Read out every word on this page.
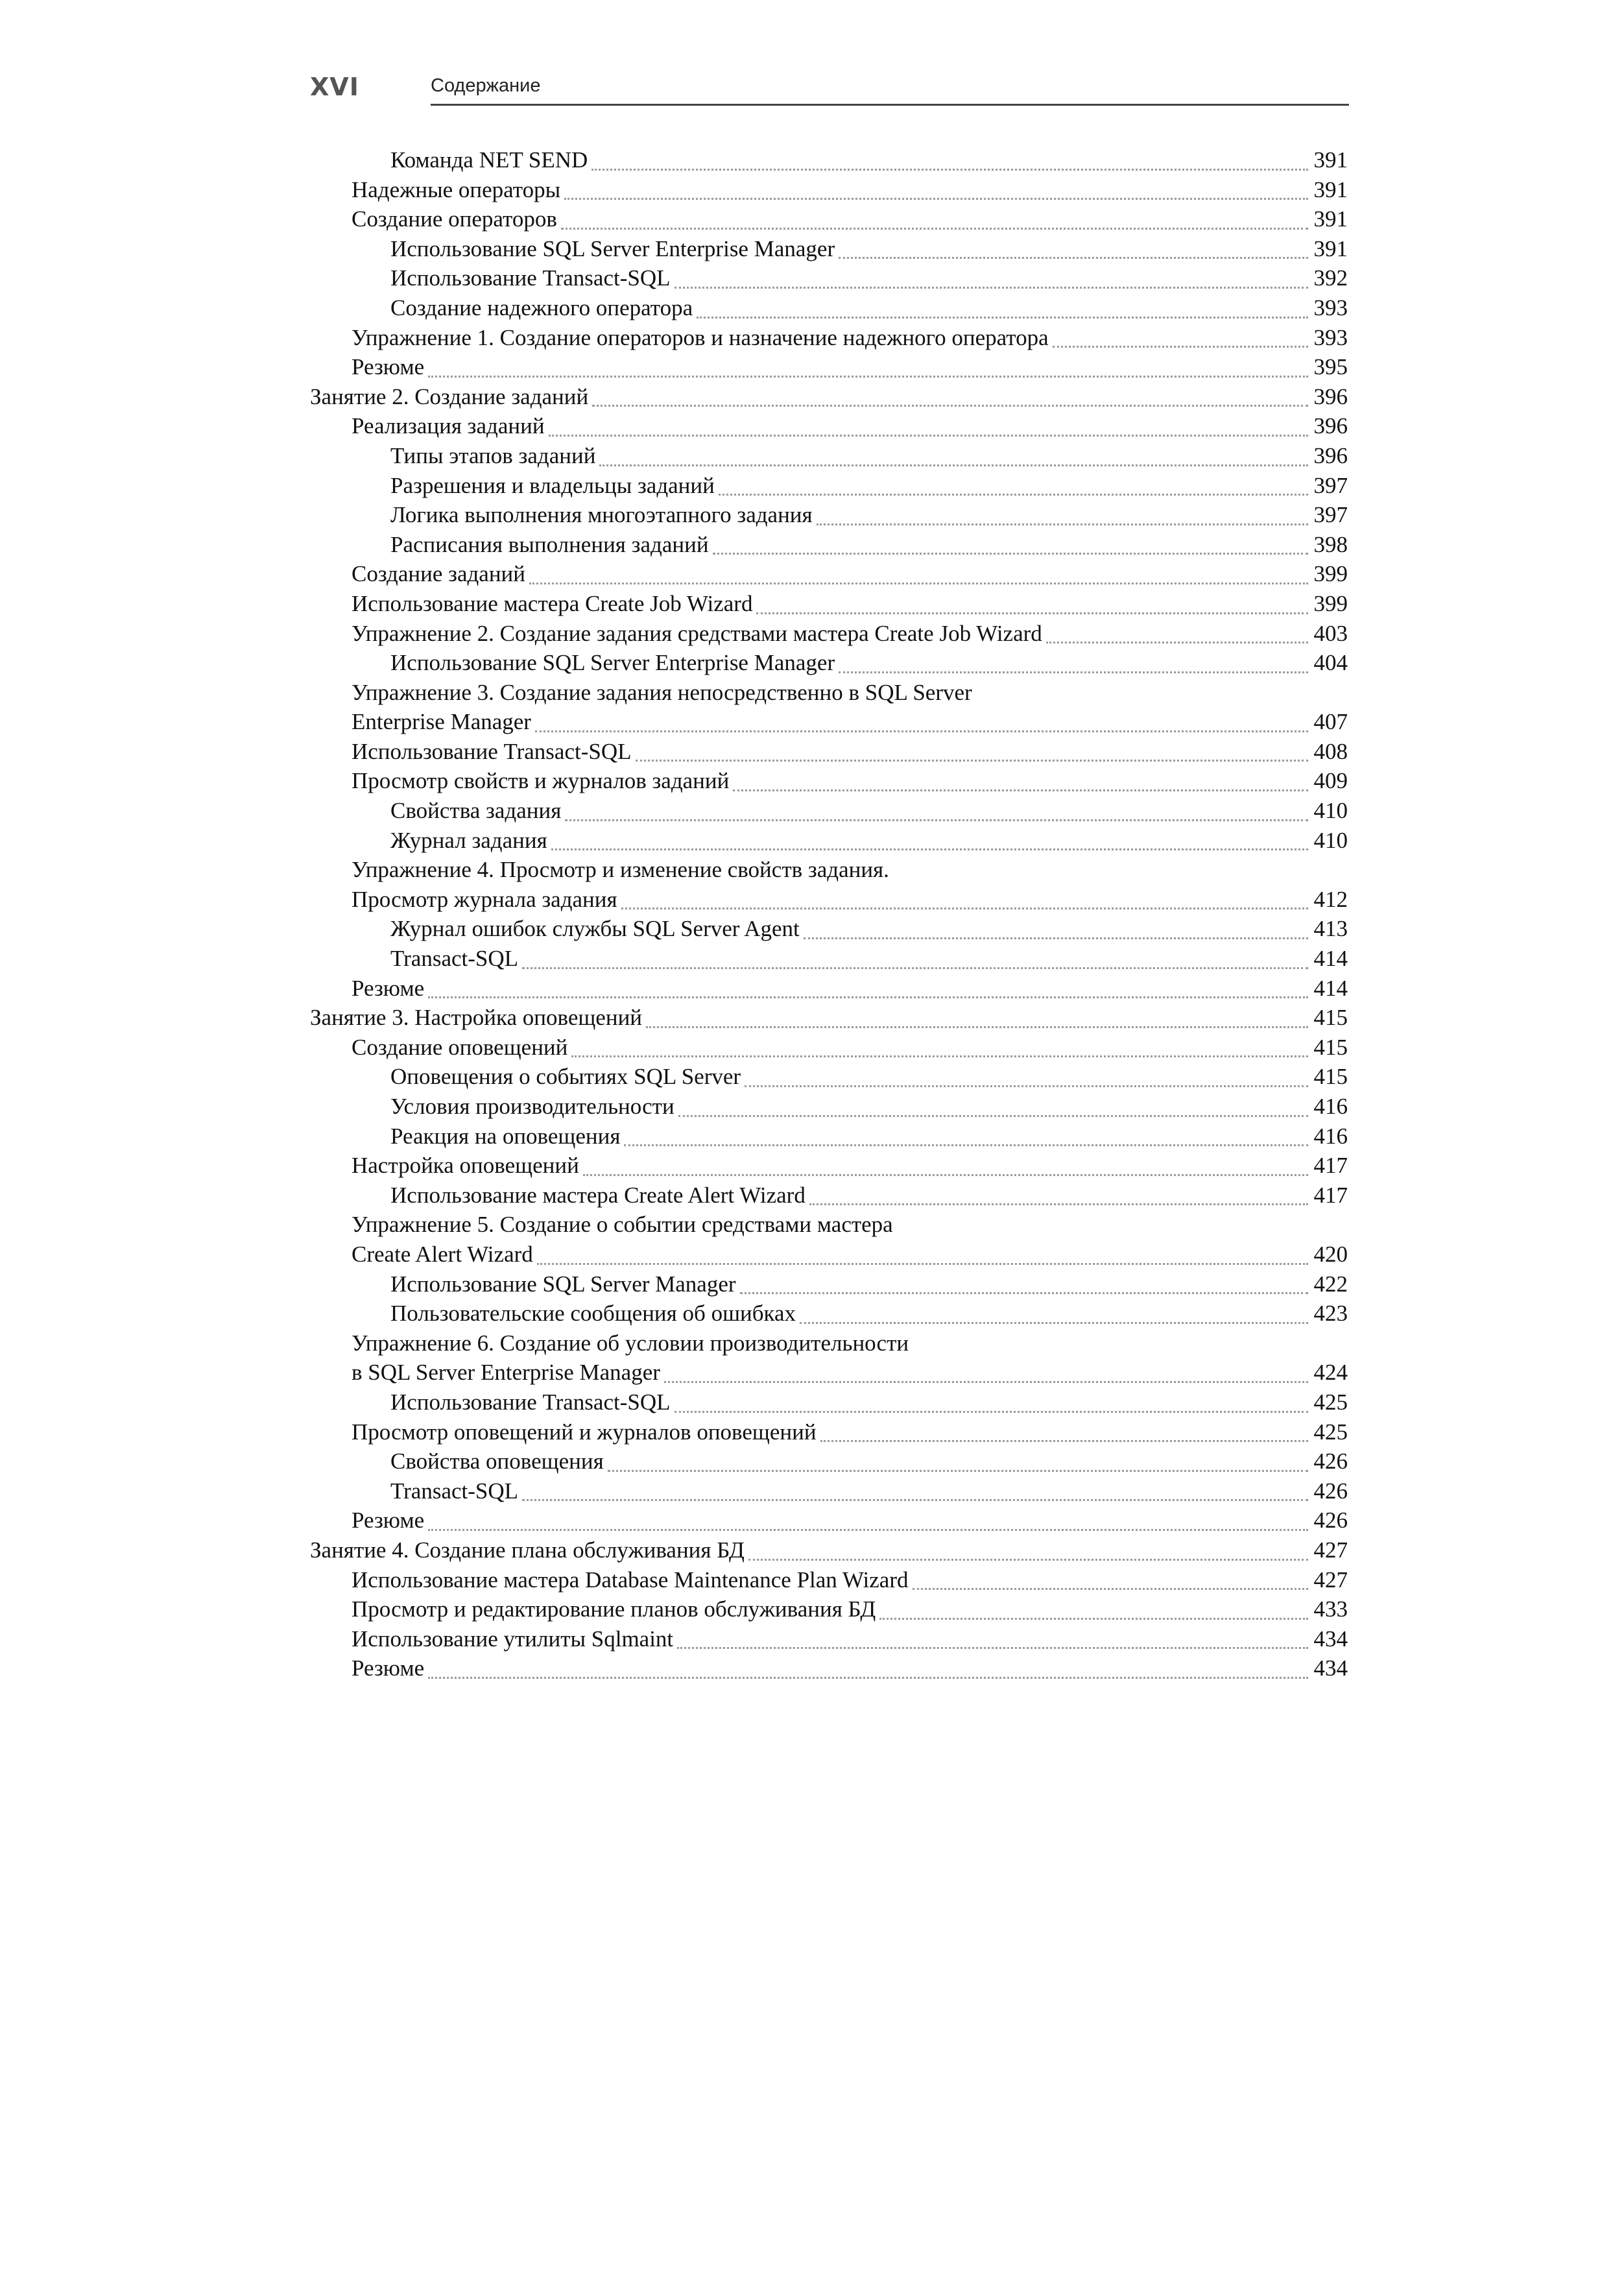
XVI	Содержание
Команда NET SEND	391
Надежные операторы	391
Создание операторов	391
Использование SQL Server Enterprise Manager	391
Использование Transact-SQL	392
Создание надежного оператора	393
Упражнение 1. Создание операторов и назначение надежного оператора	393
Резюме	395
Занятие 2. Создание заданий	396
Реализация заданий	396
Типы этапов заданий	396
Разрешения и владельцы заданий	397
Логика выполнения многоэтапного задания	397
Расписания выполнения заданий	398
Создание заданий	399
Использование мастера Create Job Wizard	399
Упражнение 2. Создание задания средствами мастера Create Job Wizard	403
Использование SQL Server Enterprise Manager	404
Упражнение 3. Создание задания непосредственно в SQL Server
Enterprise Manager	407
Использование Transact-SQL	408
Просмотр свойств и журналов заданий	409
Свойства задания	410
Журнал задания	410
Упражнение 4. Просмотр и изменение свойств задания.
Просмотр журнала задания	412
Журнал ошибок службы SQL Server Agent	413
Transact-SQL	414
Резюме	414
Занятие 3. Настройка оповещений	415
Создание оповещений	415
Оповещения о событиях SQL Server	415
Условия производительности	416
Реакция на оповещения	416
Настройка оповещений	417
Использование мастера Create Alert Wizard	417
Упражнение 5. Создание о событии средствами мастера
Create Alert Wizard	420
Использование SQL Server Manager	422
Пользовательские сообщения об ошибках	423
Упражнение 6. Создание об условии производительности
в SQL Server Enterprise Manager	424
Использование Transact-SQL	425
Просмотр оповещений и журналов оповещений	425
Свойства оповещения	426
Transact-SQL	426
Резюме	426
Занятие 4. Создание плана обслуживания БД	427
Использование мастера Database Maintenance Plan Wizard	427
Просмотр и редактирование планов обслуживания БД	433
Использование утилиты Sqlmaint	434
Резюме	434
